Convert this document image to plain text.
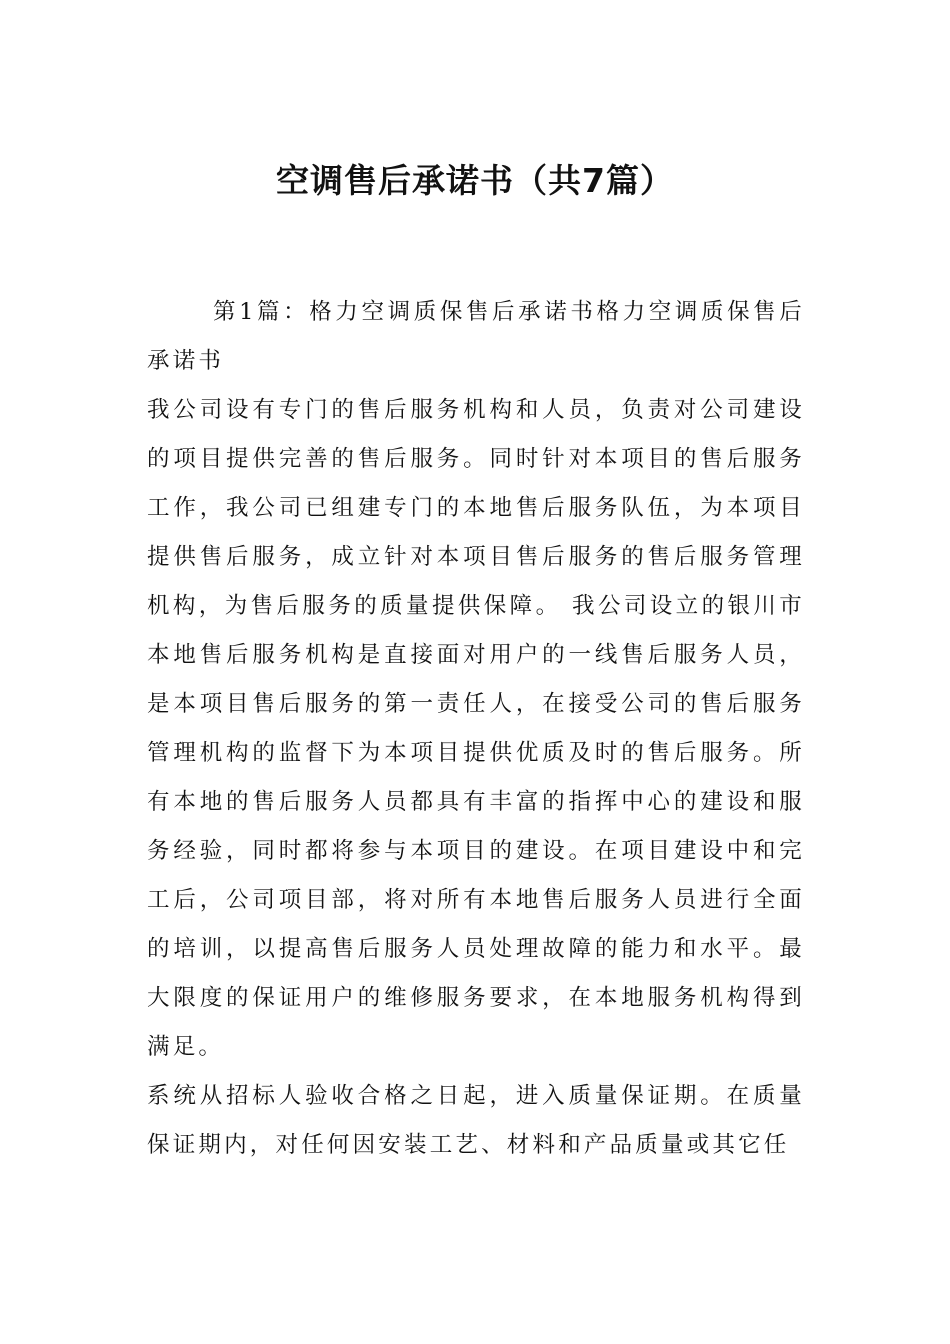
空调售后承诺书（共7篇）

第1篇：格力空调质保售后承诺书格力空调质保售后承诺书

我公司设有专门的售后服务机构和人员，负责对公司建设的项目提供完善的售后服务。同时针对本项目的售后服务工作，我公司已组建专门的本地售后服务队伍，为本项目提供售后服务，成立针对本项目售后服务的售后服务管理机构，为售后服务的质量提供保障。 我公司设立的银川市本地售后服务机构是直接面对用户的一线售后服务人员，是本项目售后服务的第一责任人，在接受公司的售后服务管理机构的监督下为本项目提供优质及时的售后服务。所有本地的售后服务人员都具有丰富的指挥中心的建设和服务经验，同时都将参与本项目的建设。在项目建设中和完工后，公司项目部，将对所有本地售后服务人员进行全面的培训，以提高售后服务人员处理故障的能力和水平。最大限度的保证用户的维修服务要求，在本地服务机构得到满足。

系统从招标人验收合格之日起，进入质量保证期。在质量保证期内，对任何因安装工艺、材料和产品质量或其它任
